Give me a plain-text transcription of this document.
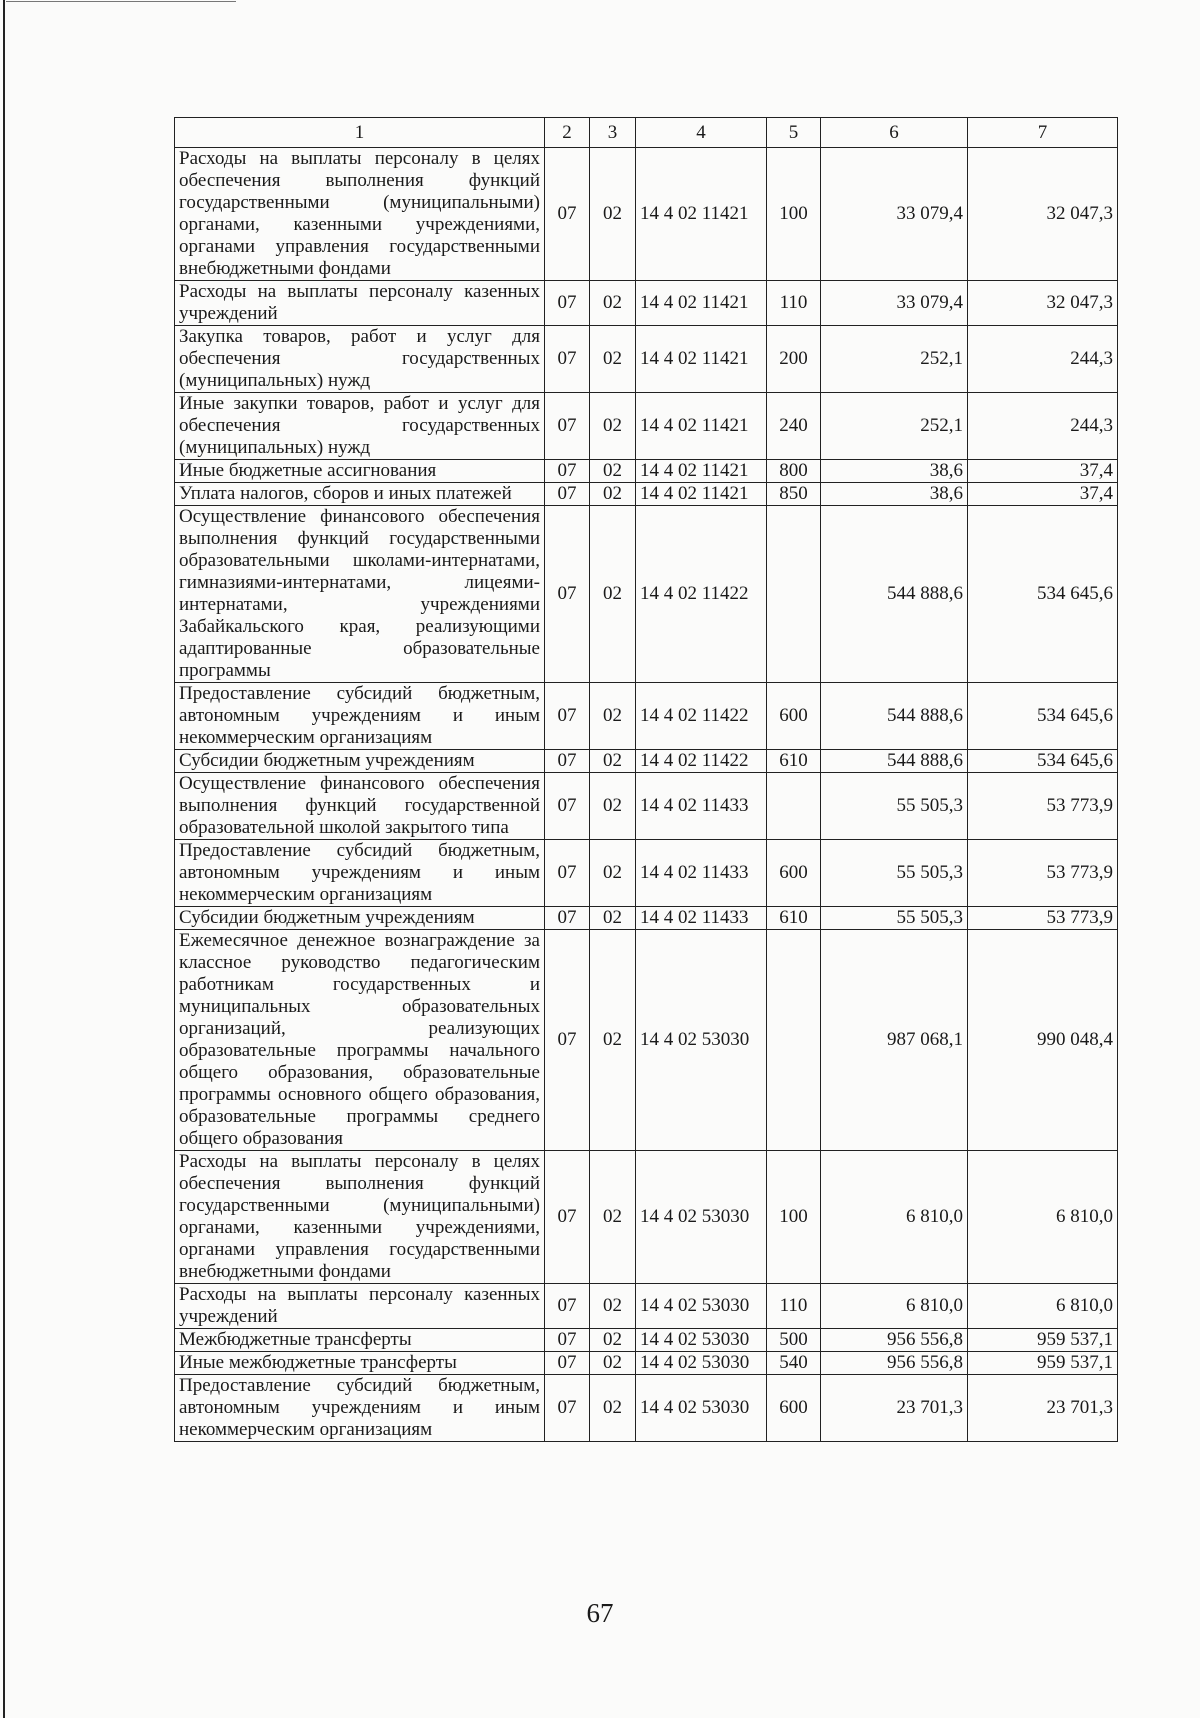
1	2	3	4	5	6	7
Расходы на выплаты персоналу в целях обеспечения выполнения функций государственными (муниципальными) органами, казенными учреждениями, органами управления государственными внебюджетными фондами	07	02	14 4 02 11421	100	33 079,4	32 047,3
Расходы на выплаты персоналу казенных учреждений	07	02	14 4 02 11421	110	33 079,4	32 047,3
Закупка товаров, работ и услуг для обеспечения государственных (муниципальных) нужд	07	02	14 4 02 11421	200	252,1	244,3
Иные закупки товаров, работ и услуг для обеспечения государственных (муниципальных) нужд	07	02	14 4 02 11421	240	252,1	244,3
Иные бюджетные ассигнования	07	02	14 4 02 11421	800	38,6	37,4
Уплата налогов, сборов и иных платежей	07	02	14 4 02 11421	850	38,6	37,4
Осуществление финансового обеспечения выполнения функций государственными образовательными школами-интернатами, гимназиями-интернатами, лицеями-интернатами, учреждениями Забайкальского края, реализующими адаптированные образовательные программы	07	02	14 4 02 11422		544 888,6	534 645,6
Предоставление субсидий бюджетным, автономным учреждениям и иным некоммерческим организациям	07	02	14 4 02 11422	600	544 888,6	534 645,6
Субсидии бюджетным учреждениям	07	02	14 4 02 11422	610	544 888,6	534 645,6
Осуществление финансового обеспечения выполнения функций государственной образовательной школой закрытого типа	07	02	14 4 02 11433		55 505,3	53 773,9
Предоставление субсидий бюджетным, автономным учреждениям и иным некоммерческим организациям	07	02	14 4 02 11433	600	55 505,3	53 773,9
Субсидии бюджетным учреждениям	07	02	14 4 02 11433	610	55 505,3	53 773,9
Ежемесячное денежное вознаграждение за классное руководство педагогическим работникам государственных и муниципальных образовательных организаций, реализующих образовательные программы начального общего образования, образовательные программы основного общего образования, образовательные программы среднего общего образования	07	02	14 4 02 53030		987 068,1	990 048,4
Расходы на выплаты персоналу в целях обеспечения выполнения функций государственными (муниципальными) органами, казенными учреждениями, органами управления государственными внебюджетными фондами	07	02	14 4 02 53030	100	6 810,0	6 810,0
Расходы на выплаты персоналу казенных учреждений	07	02	14 4 02 53030	110	6 810,0	6 810,0
Межбюджетные трансферты	07	02	14 4 02 53030	500	956 556,8	959 537,1
Иные межбюджетные трансферты	07	02	14 4 02 53030	540	956 556,8	959 537,1
Предоставление субсидий бюджетным, автономным учреждениям и иным некоммерческим организациям	07	02	14 4 02 53030	600	23 701,3	23 701,3
67
